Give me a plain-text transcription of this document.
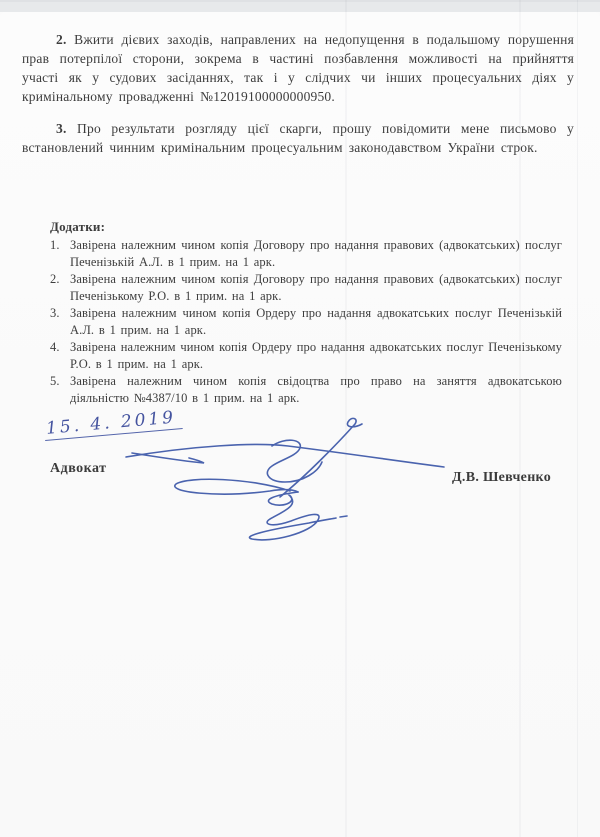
2. Вжити дієвих заходів, направлених на недопущення в подальшому порушення прав потерпілої сторони, зокрема в частині позбавлення можливості на прийняття участі як у судових засіданнях, так і у слідчих чи інших процесуальних діях у кримінальному провадженні №12019100000000950.

3. Про результати розгляду цієї скарги, прошу повідомити мене письмово у встановлений чинним кримінальним процесуальним законодавством України строк.

Додатки:

1. Завірена належним чином копія Договору про надання правових (адвокатських) послуг Печенізькій А.Л. в 1 прим. на 1 арк.
2. Завірена належним чином копія Договору про надання правових (адвокатських) послуг Печенізькому Р.О. в 1 прим. на 1 арк.
3. Завірена належним чином копія Ордеру про надання адвокатських послуг Печенізькій А.Л. в 1 прим. на 1 арк.
4. Завірена належним чином копія Ордеру про надання адвокатських послуг Печенізькому Р.О. в 1 прим. на 1 арк.
5. Завірена належним чином копія свідоцтва про право на заняття адвокатською діяльністю №4387/10 в 1 прим. на 1 арк.
15. 4. 2019
Адвокат
Д.В. Шевченко
